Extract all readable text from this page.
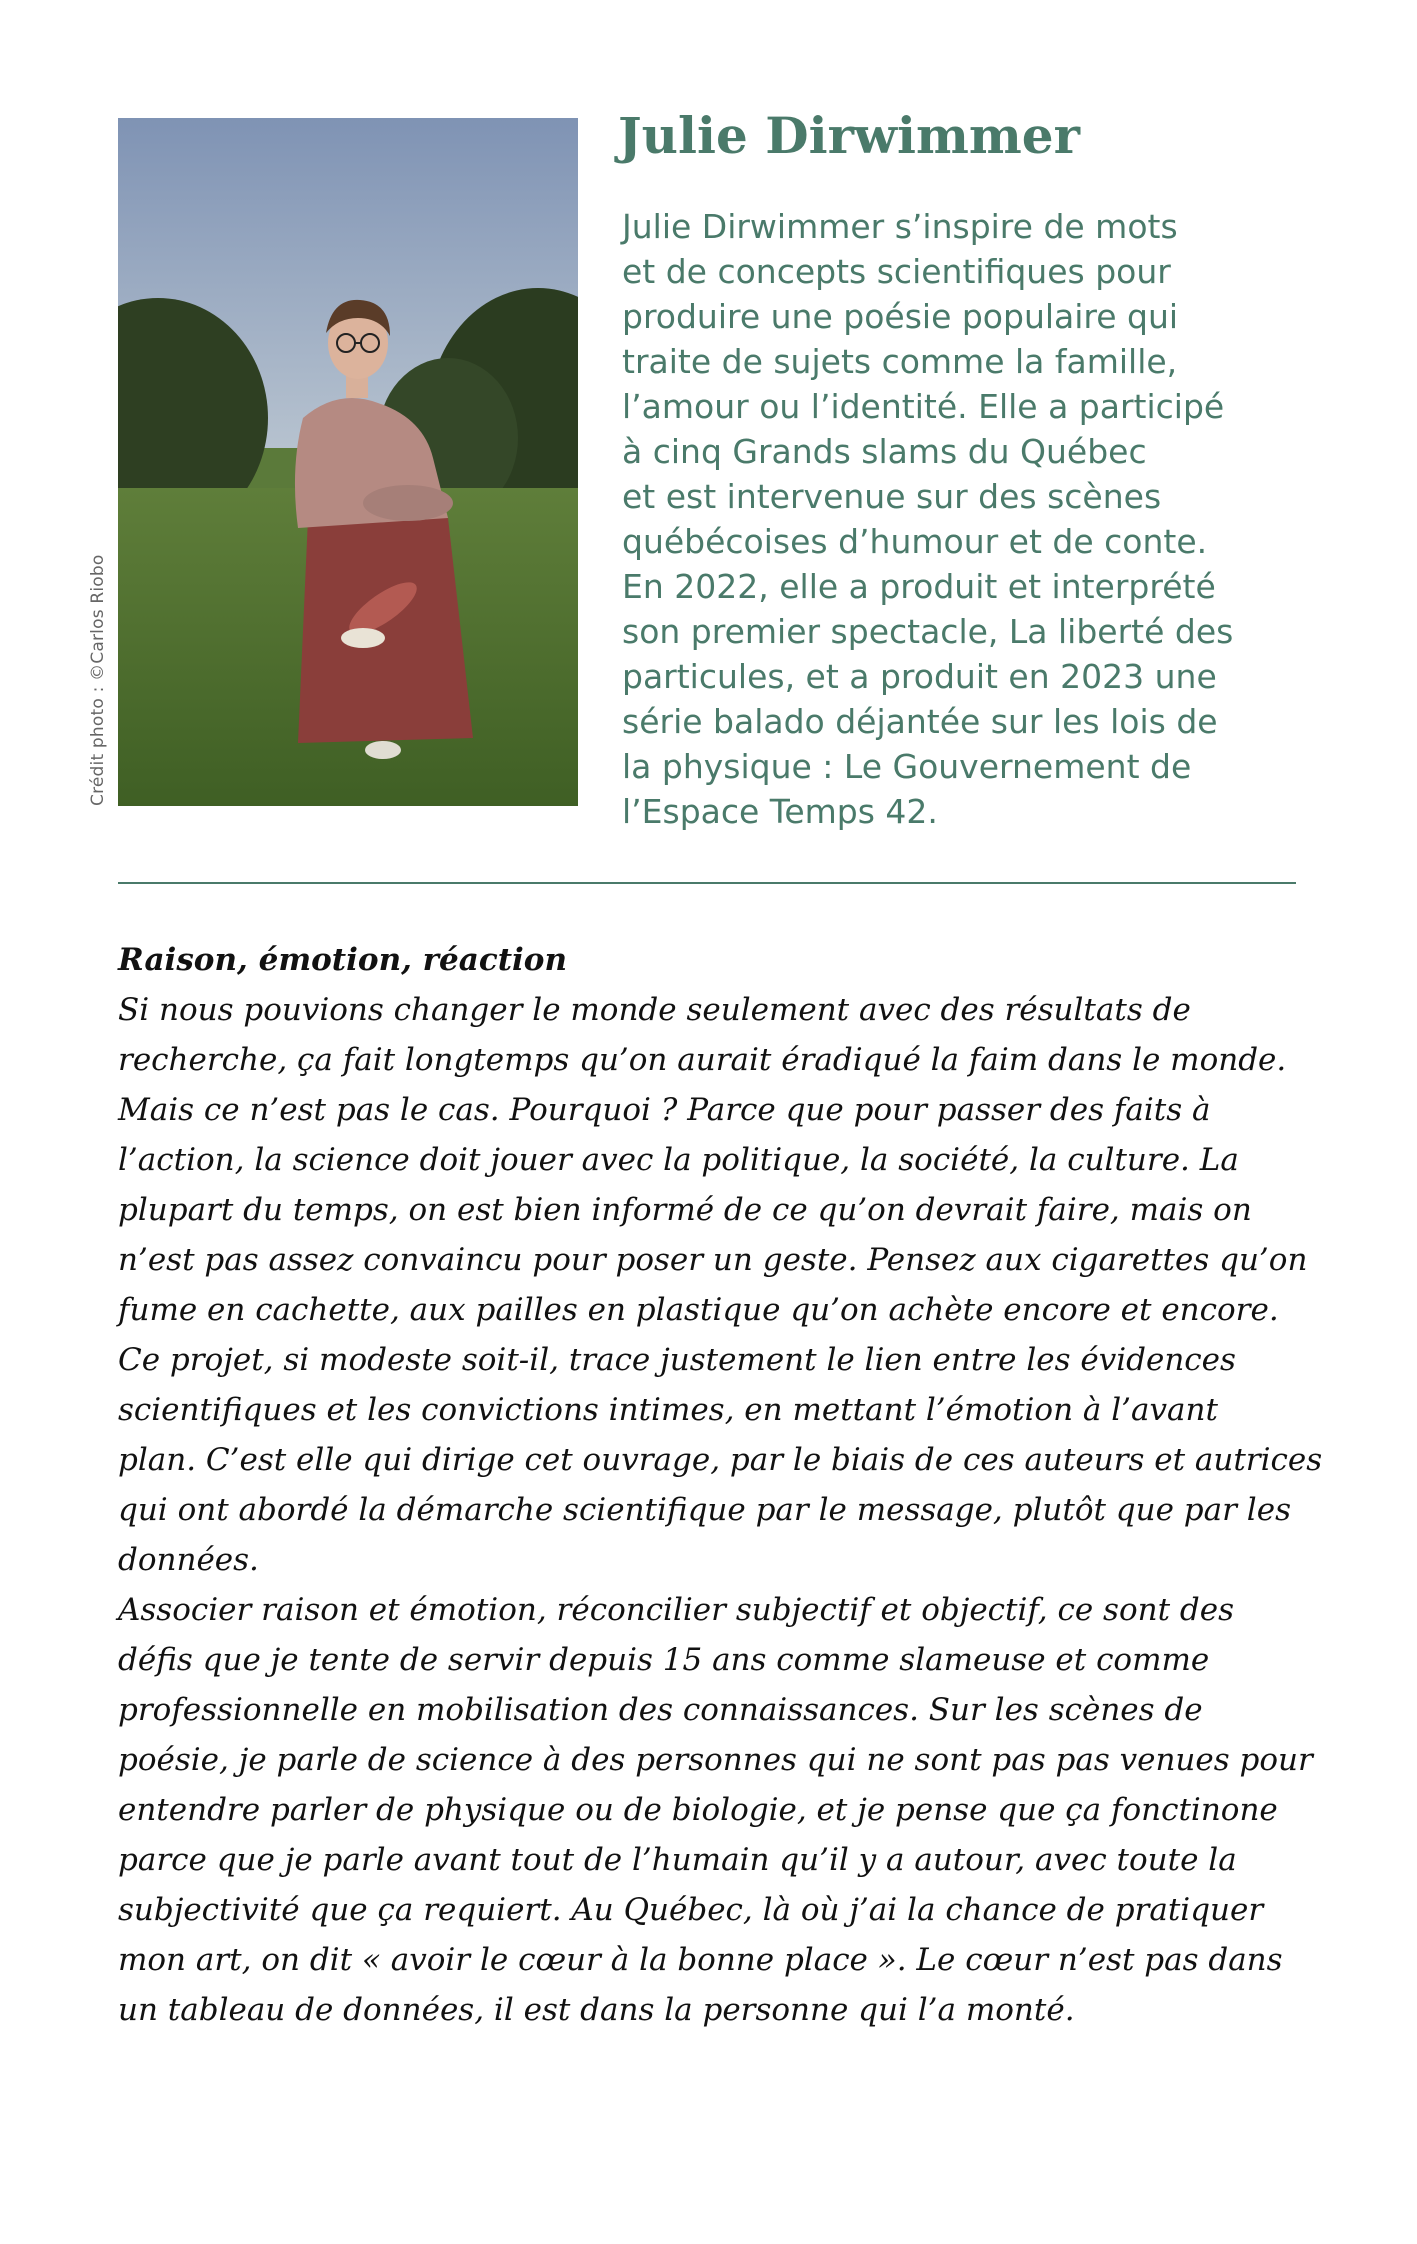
Crédit photo : ©Carlos Riobo
Julie Dirwimmer
Julie Dirwimmer s’inspire de mots
et de concepts scientifiques pour
produire une poésie populaire qui
traite de sujets comme la famille,
l’amour ou l’identité. Elle a participé
à cinq Grands slams du Québec
et est intervenue sur des scènes
québécoises d’humour et de conte.
En 2022, elle a produit et interprété
son premier spectacle, La liberté des
particules, et a produit en 2023 une
série balado déjantée sur les lois de
la physique : Le Gouvernement de
l’Espace Temps 42.
Raison, émotion, réaction
Si nous pouvions changer le monde seulement avec des résultats de
recherche, ça fait longtemps qu’on aurait éradiqué la faim dans le monde.
Mais ce n’est pas le cas. Pourquoi ? Parce que pour passer des faits à
l’action, la science doit jouer avec la politique, la société, la culture. La
plupart du temps, on est bien informé de ce qu’on devrait faire, mais on
n’est pas assez convaincu pour poser un geste. Pensez aux cigarettes qu’on
fume en cachette, aux pailles en plastique qu’on achète encore et encore.
Ce projet, si modeste soit-il, trace justement le lien entre les évidences
scientifiques et les convictions intimes, en mettant l’émotion à l’avant
plan. C’est elle qui dirige cet ouvrage, par le biais de ces auteurs et autrices
qui ont abordé la démarche scientifique par le message, plutôt que par les
données.
Associer raison et émotion, réconcilier subjectif et objectif, ce sont des
défis que je tente de servir depuis 15 ans comme slameuse et comme
professionnelle en mobilisation des connaissances. Sur les scènes de
poésie, je parle de science à des personnes qui ne sont pas pas venues pour
entendre parler de physique ou de biologie, et je pense que ça fonctinone
parce que je parle avant tout de l’humain qu’il y a autour, avec toute la
subjectivité que ça requiert. Au Québec, là où j’ai la chance de pratiquer
mon art, on dit « avoir le cœur à la bonne place ». Le cœur n’est pas dans
un tableau de données, il est dans la personne qui l’a monté.
